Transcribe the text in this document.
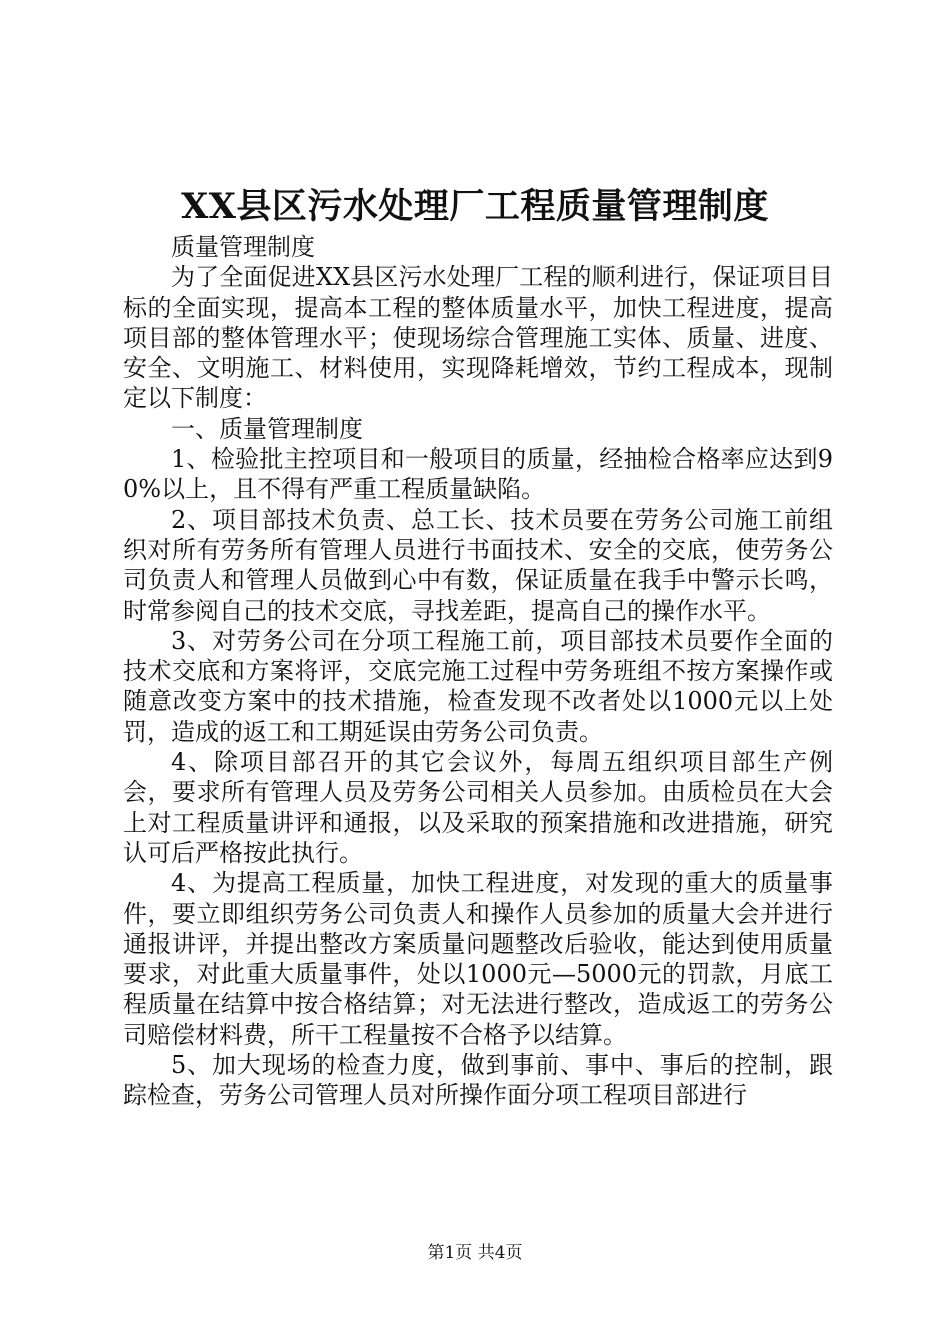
XX县区污水处理厂工程质量管理制度

质量管理制度

为了全面促进XX县区污水处理厂工程的顺利进行，保证项目目标的全面实现，提高本工程的整体质量水平，加快工程进度，提高项目部的整体管理水平；使现场综合管理施工实体、质量、进度、安全、文明施工、材料使用，实现降耗增效，节约工程成本，现制定以下制度：

一、质量管理制度

1、检验批主控项目和一般项目的质量，经抽检合格率应达到90%以上，且不得有严重工程质量缺陷。

2、项目部技术负责、总工长、技术员要在劳务公司施工前组织对所有劳务所有管理人员进行书面技术、安全的交底，使劳务公司负责人和管理人员做到心中有数，保证质量在我手中警示长鸣，时常参阅自己的技术交底，寻找差距，提高自己的操作水平。

3、对劳务公司在分项工程施工前，项目部技术员要作全面的技术交底和方案将评，交底完施工过程中劳务班组不按方案操作或随意改变方案中的技术措施，检查发现不改者处以1000元以上处罚，造成的返工和工期延误由劳务公司负责。

4、除项目部召开的其它会议外，每周五组织项目部生产例会，要求所有管理人员及劳务公司相关人员参加。由质检员在大会上对工程质量讲评和通报，以及采取的预案措施和改进措施，研究认可后严格按此执行。

4、为提高工程质量，加快工程进度，对发现的重大的质量事件，要立即组织劳务公司负责人和操作人员参加的质量大会并进行通报讲评，并提出整改方案质量问题整改后验收，能达到使用质量要求，对此重大质量事件，处以1000元—5000元的罚款，月底工程质量在结算中按合格结算；对无法进行整改，造成返工的劳务公司赔偿材料费，所干工程量按不合格予以结算。

5、加大现场的检查力度，做到事前、事中、事后的控制，跟踪检查，劳务公司管理人员对所操作面分项工程项目部进行

第1页 共4页
